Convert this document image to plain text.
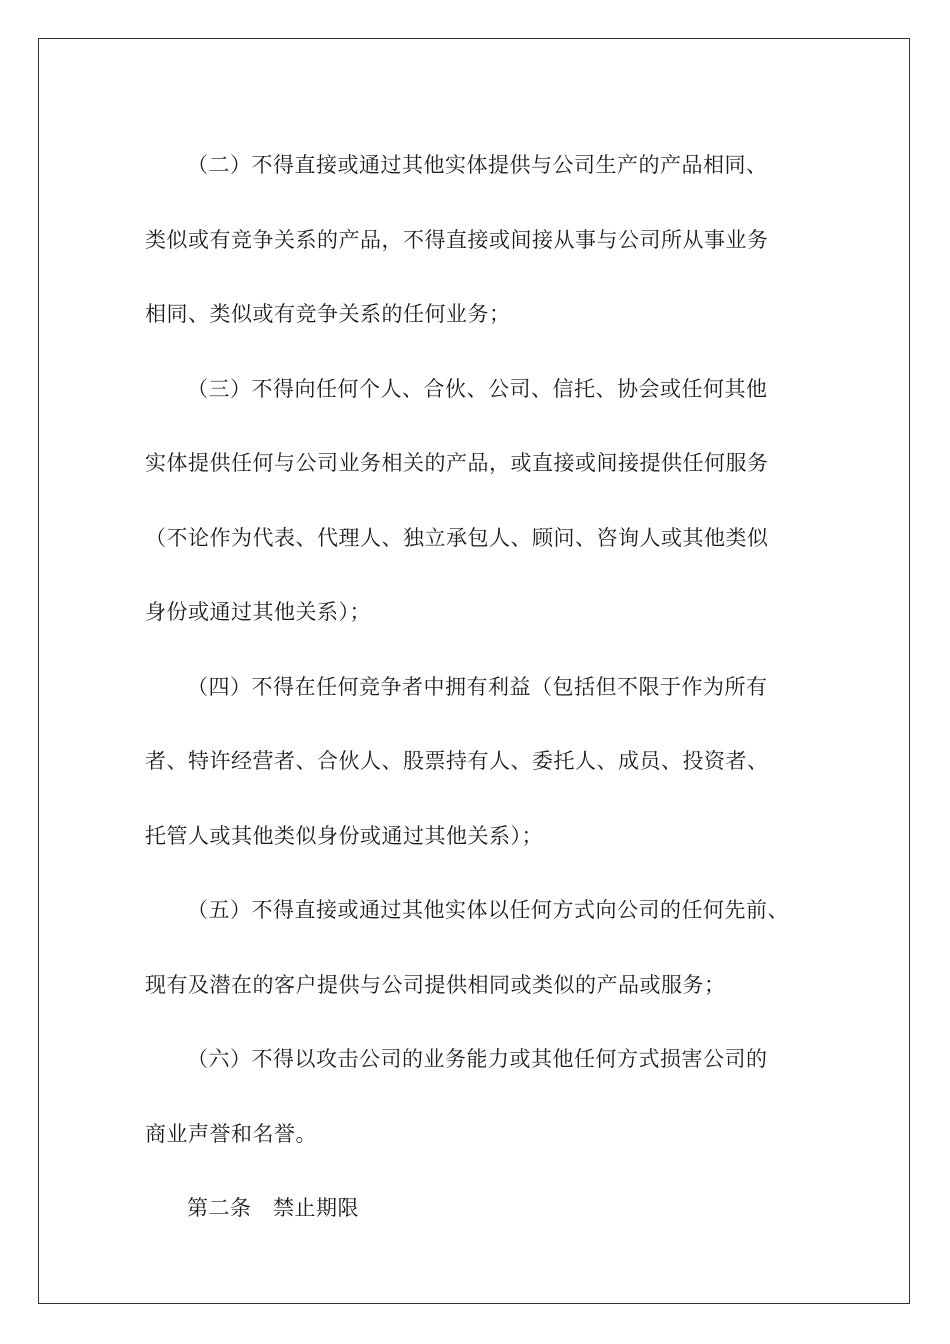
（二）不得直接或通过其他实体提供与公司生产的产品相同、
类似或有竞争关系的产品，不得直接或间接从事与公司所从事业务
相同、类似或有竞争关系的任何业务；
（三）不得向任何个人、合伙、公司、信托、协会或任何其他
实体提供任何与公司业务相关的产品，或直接或间接提供任何服务
（不论作为代表、代理人、独立承包人、顾问、咨询人或其他类似
身份或通过其他关系）；
（四）不得在任何竞争者中拥有利益（包括但不限于作为所有
者、特许经营者、合伙人、股票持有人、委托人、成员、投资者、
托管人或其他类似身份或通过其他关系）；
（五）不得直接或通过其他实体以任何方式向公司的任何先前、
现有及潜在的客户提供与公司提供相同或类似的产品或服务；
（六）不得以攻击公司的业务能力或其他任何方式损害公司的
商业声誉和名誉。
第二条　禁止期限
